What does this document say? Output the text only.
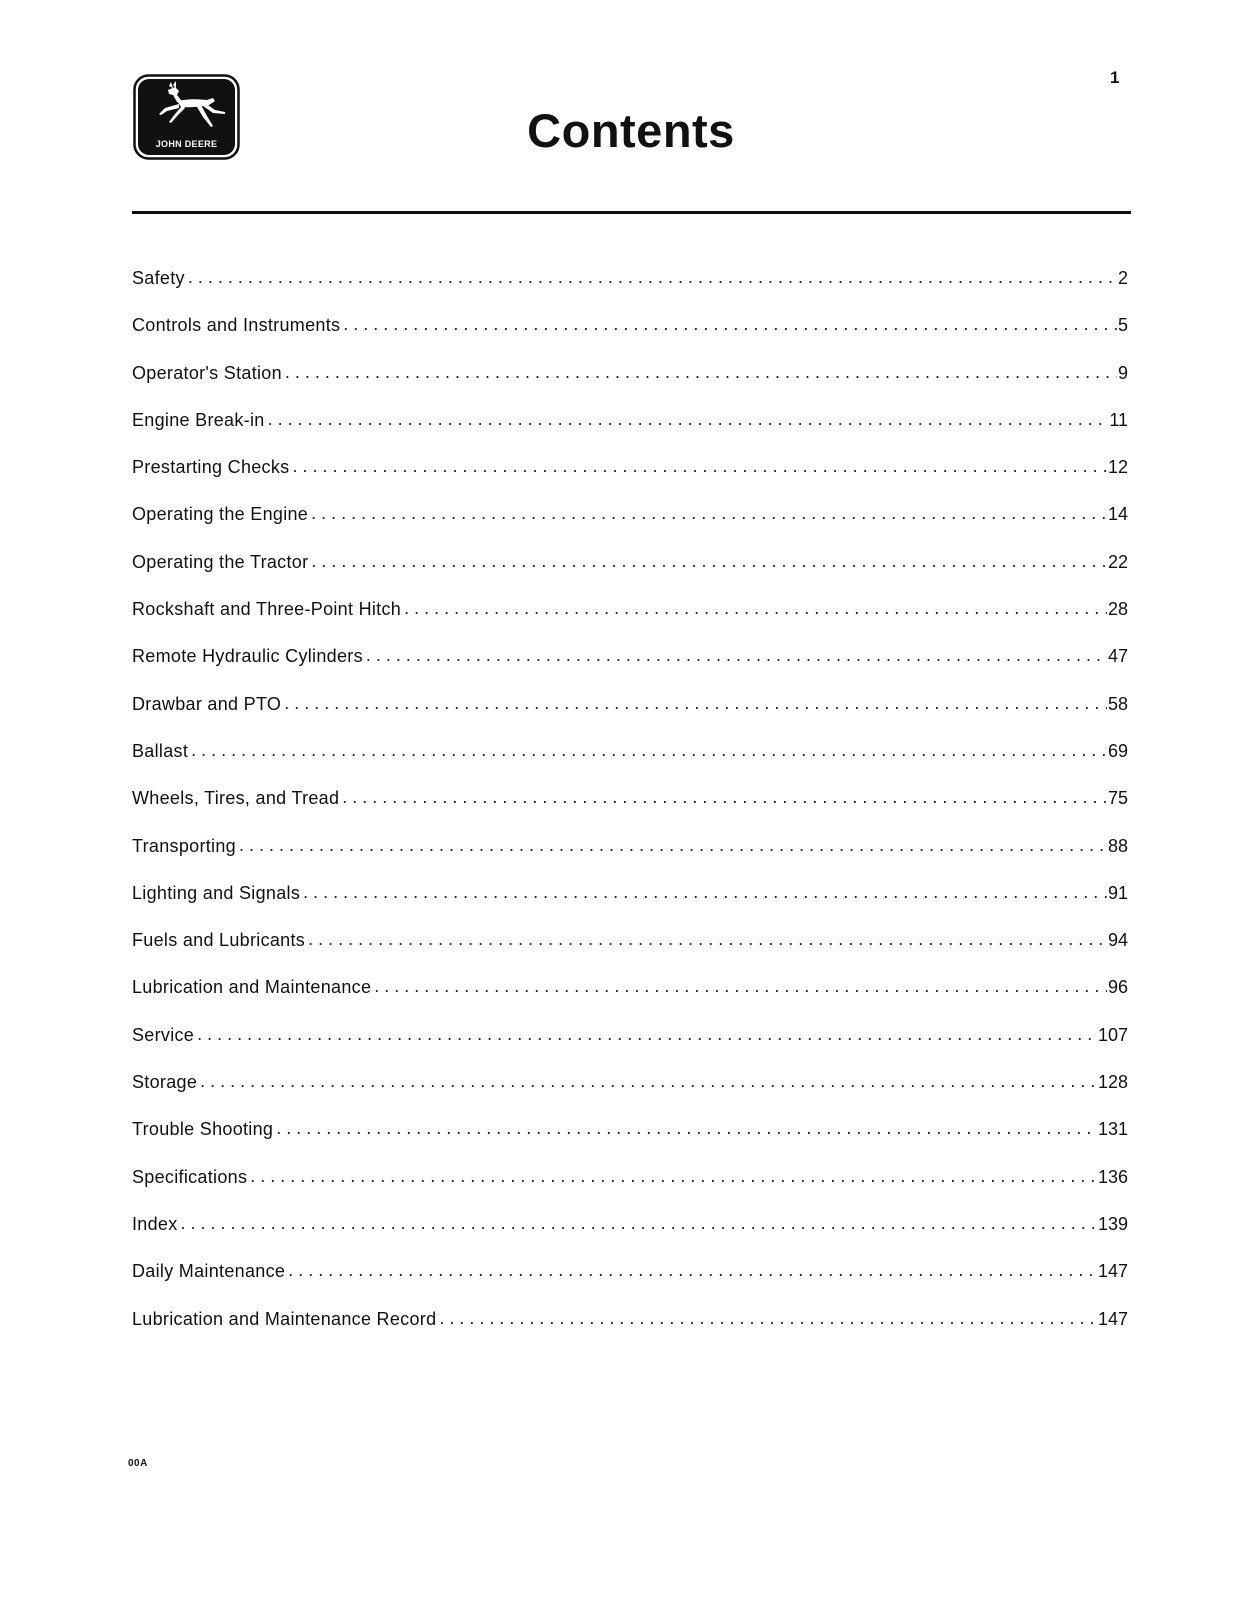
1
JOHN DEERE	Contents
Safety . . .	2
Controls and Instruments . . .	5
Operator's Station . . .	9
Engine Break-in . . .	11
Prestarting Checks . . .	12
Operating the Engine . . .	14
Operating the Tractor . . .	22
Rockshaft and Three-Point Hitch . . .	28
Remote Hydraulic Cylinders . . .	47
Drawbar and PTO . . .	58
Ballast . . .	69
Wheels, Tires, and Tread . . .	75
Transporting . . .	88
Lighting and Signals . . .	91
Fuels and Lubricants . . .	94
Lubrication and Maintenance . . .	96
Service . . .	107
Storage . . .	128
Trouble Shooting . . .	131
Specifications . . .	136
Index . . .	139
Daily Maintenance . . .	147
Lubrication and Maintenance Record . . .	147
00A
